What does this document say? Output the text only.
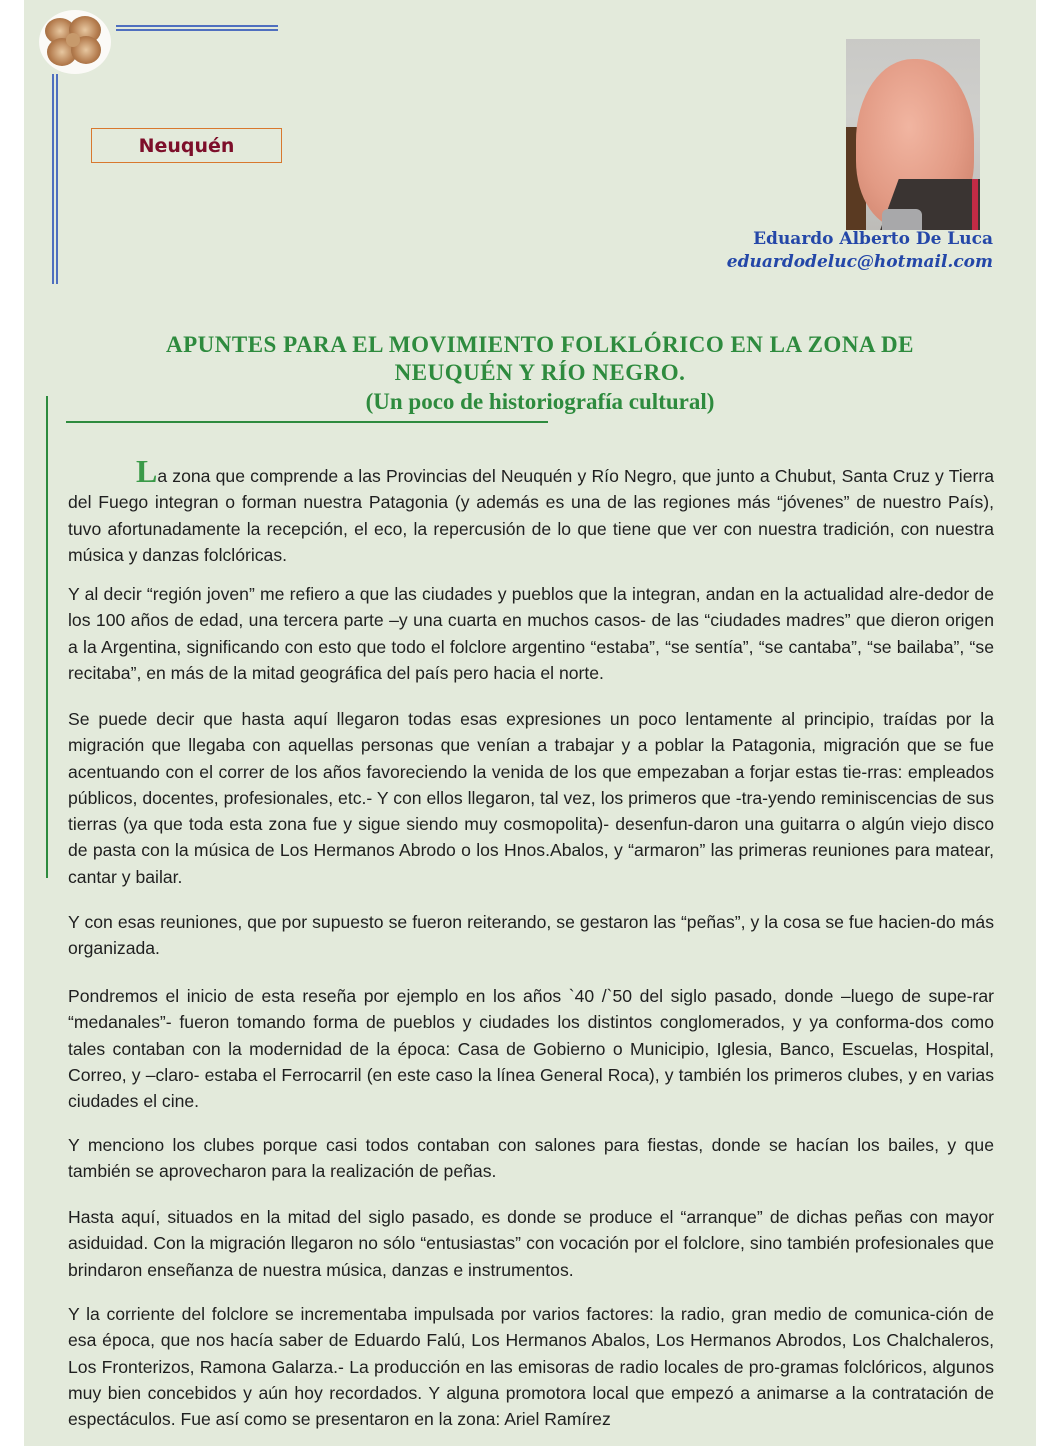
Neuquén
Eduardo Alberto De Luca
eduardodeluc@hotmail.com
APUNTES PARA EL MOVIMIENTO FOLKLÓRICO EN LA ZONA DE
NEUQUÉN Y RÍO NEGRO.
(Un poco de historiografía cultural)

La zona que comprende a las Provincias del Neuquén y Río Negro, que junto a Chubut, Santa Cruz y Tierra del Fuego integran o forman nuestra Patagonia (y además es una de las regiones más “jóvenes” de nuestro País), tuvo afortunadamente la recepción, el eco, la repercusión de lo que tiene que ver con nuestra tradición, con nuestra música y danzas folclóricas.

Y al decir “región joven” me refiero a que las ciudades y pueblos que la integran, andan en la actualidad alre-dedor de los 100 años de edad, una tercera parte –y una cuarta en muchos casos- de las “ciudades madres” que dieron origen a la Argentina, significando con esto que todo el folclore argentino “estaba”, “se sentía”, “se cantaba”, “se bailaba”, “se recitaba”, en más de la mitad geográfica del país pero hacia el norte.

Se puede decir que hasta aquí llegaron todas esas expresiones un poco lentamente al principio, traídas por la migración que llegaba con aquellas personas que venían a trabajar y a poblar la Patagonia, migración que se fue acentuando con el correr de los años favoreciendo la venida de los que empezaban a forjar estas tie-rras: empleados públicos, docentes, profesionales, etc.- Y con ellos llegaron, tal vez, los primeros que -tra-yendo reminiscencias de sus tierras (ya que toda esta zona fue y sigue siendo muy cosmopolita)- desenfun-daron una guitarra o algún viejo disco de pasta con la música de Los Hermanos Abrodo o los Hnos.Abalos, y “armaron” las primeras reuniones para matear, cantar y bailar.

Y con esas reuniones, que por supuesto se fueron reiterando, se gestaron las “peñas”, y la cosa se fue hacien-do más organizada.

Pondremos el inicio de esta reseña por ejemplo en los años `40 /`50 del siglo pasado, donde –luego de supe-rar “medanales”- fueron tomando forma de pueblos y ciudades los distintos conglomerados, y ya conforma-dos como tales contaban con la modernidad de la época: Casa de Gobierno o Municipio, Iglesia, Banco, Escuelas, Hospital, Correo, y –claro- estaba el Ferrocarril (en este caso la línea General Roca), y también los primeros clubes, y en varias ciudades el cine.

Y menciono los clubes porque casi todos contaban con salones para fiestas, donde se hacían los bailes, y que también se aprovecharon para la realización de peñas.

Hasta aquí, situados en la mitad del siglo pasado, es donde se produce el “arranque” de dichas peñas con mayor asiduidad. Con la migración llegaron no sólo “entusiastas” con vocación por el folclore, sino también profesionales que brindaron enseñanza de nuestra música, danzas e instrumentos.

Y la corriente del folclore se incrementaba impulsada por varios factores: la radio, gran medio de comunica-ción de esa época, que nos hacía saber de Eduardo Falú, Los Hermanos Abalos, Los Hermanos Abrodos, Los Chalchaleros, Los Fronterizos, Ramona Galarza.- La producción en las emisoras de radio locales de pro-gramas folclóricos, algunos muy bien concebidos y aún hoy recordados. Y alguna promotora local que empezó a animarse a la contratación de espectáculos. Fue así como se presentaron en la zona: Ariel Ramírez
